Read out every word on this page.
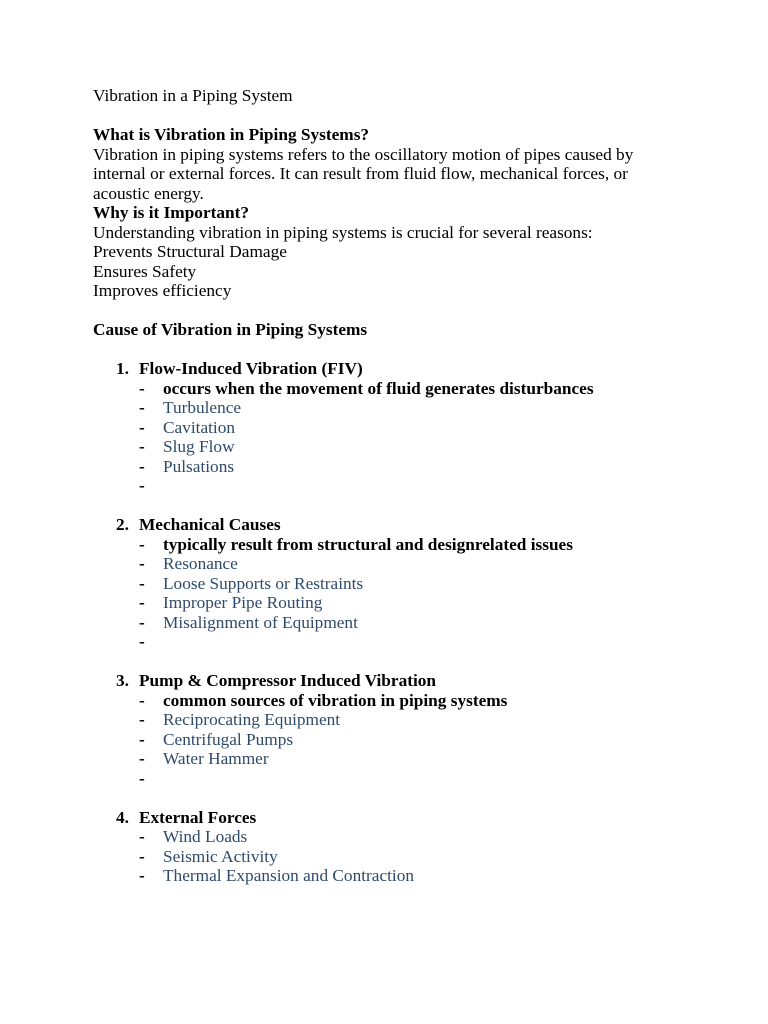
Vibration in a Piping System
What is Vibration in Piping Systems?
Vibration in piping systems refers to the oscillatory motion of pipes caused by
internal or external forces. It can result from fluid flow, mechanical forces, or
acoustic energy.
Why is it Important?
Understanding vibration in piping systems is crucial for several reasons:
Prevents Structural Damage
Ensures Safety
Improves efficiency
Cause of Vibration in Piping Systems
1. Flow-Induced Vibration (FIV)
- occurs when the movement of fluid generates disturbances
- Turbulence
- Cavitation
- Slug Flow
- Pulsations
-
2. Mechanical Causes
- typically result from structural and designrelated issues
- Resonance
- Loose Supports or Restraints
- Improper Pipe Routing
- Misalignment of Equipment
-
3. Pump & Compressor Induced Vibration
- common sources of vibration in piping systems
- Reciprocating Equipment
- Centrifugal Pumps
- Water Hammer
-
4. External Forces
- Wind Loads
- Seismic Activity
- Thermal Expansion and Contraction
